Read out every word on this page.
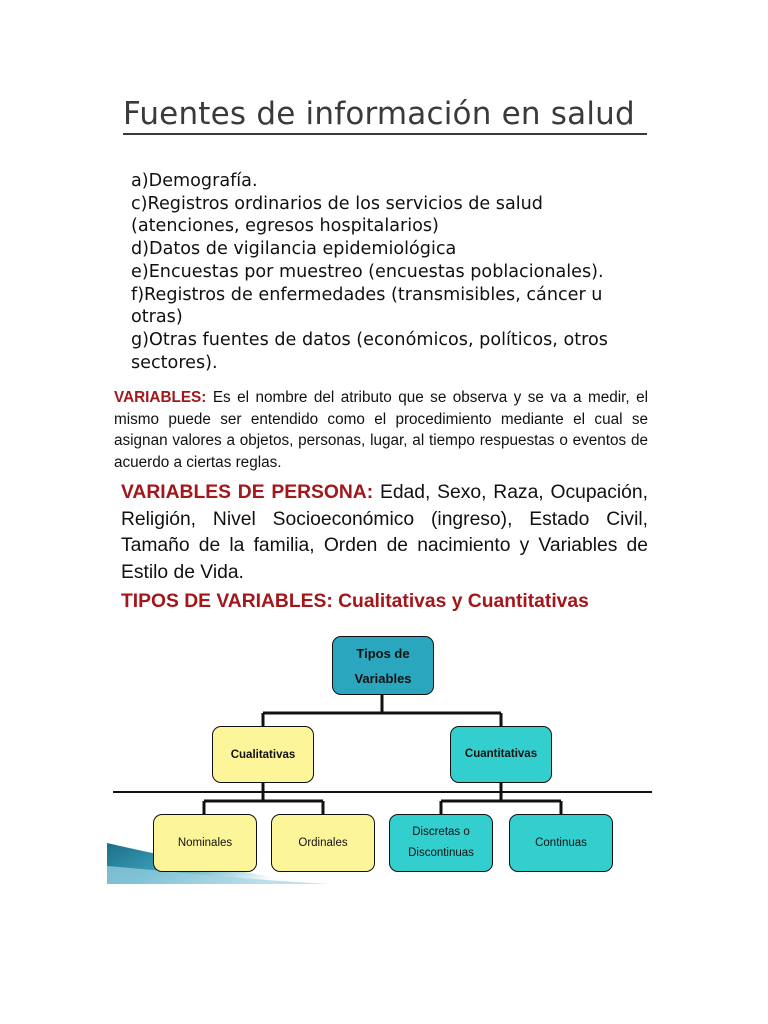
Fuentes de información en salud
a)Demografía.
c)Registros ordinarios de los servicios de salud
(atenciones, egresos hospitalarios)
d)Datos de vigilancia epidemiológica
e)Encuestas por muestreo (encuestas poblacionales).
f)Registros de enfermedades (transmisibles, cáncer u
otras)
g)Otras fuentes de datos (económicos, políticos, otros
sectores).
VARIABLES: Es el nombre del atributo que se observa y se va a medir, el mismo puede ser entendido como el procedimiento mediante el cual se asignan valores a objetos, personas, lugar, al tiempo respuestas o eventos de acuerdo a ciertas reglas.
VARIABLES DE PERSONA: Edad, Sexo, Raza, Ocupación, Religión, Nivel Socioeconómico (ingreso), Estado Civil, Tamaño de la familia, Orden de nacimiento y Variables de Estilo de Vida.
TIPOS DE VARIABLES: Cualitativas y Cuantitativas
Tipos de Variables
Cualitativas	Cuantitativas
Nominales	Ordinales
Discretas o Discontinuas
Continuas
